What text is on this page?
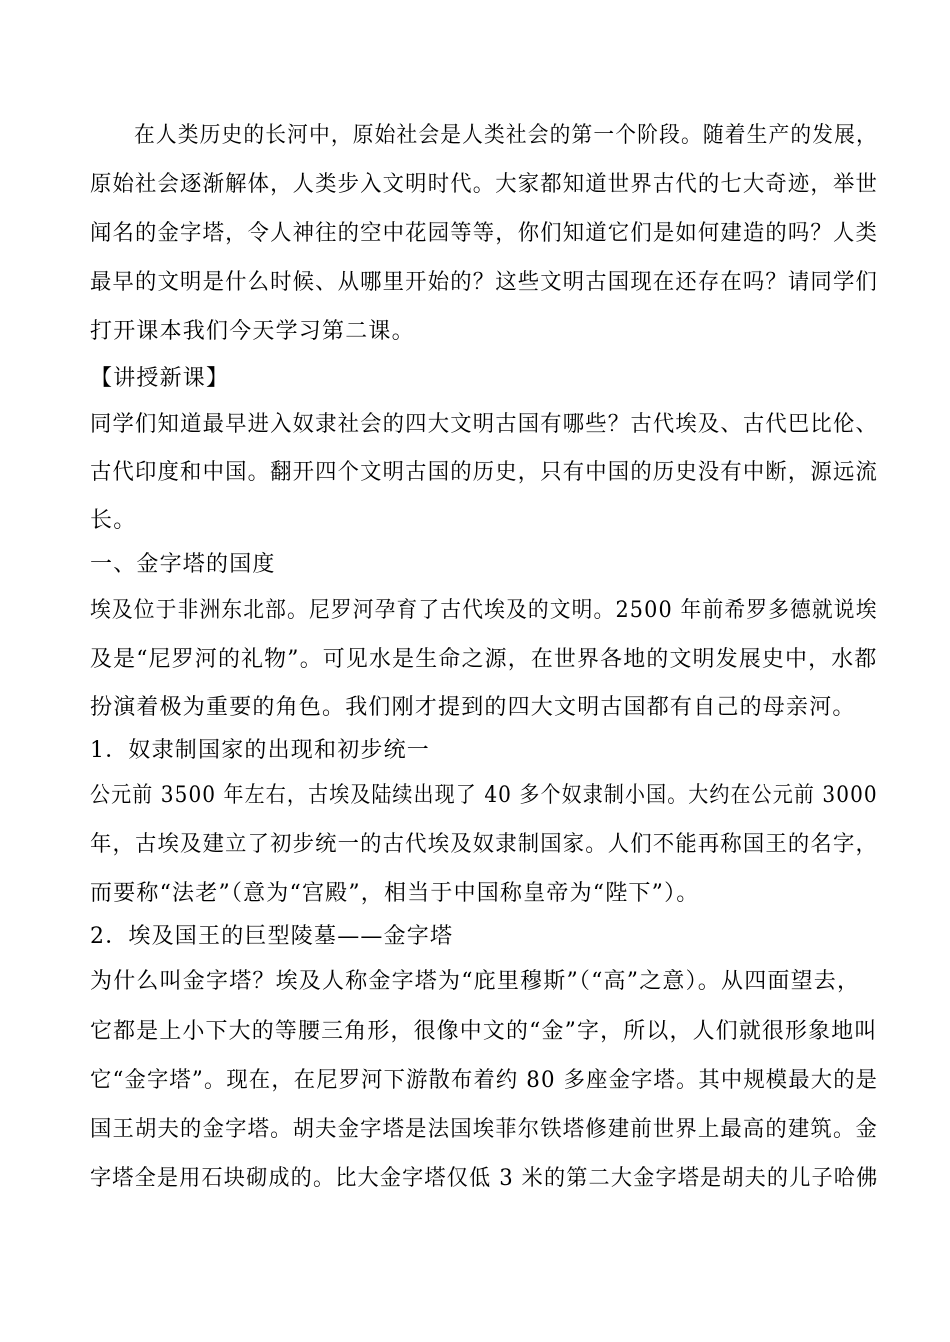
在人类历史的长河中，原始社会是人类社会的第一个阶段。随着生产的发展，
原始社会逐渐解体，人类步入文明时代。大家都知道世界古代的七大奇迹，举世
闻名的金字塔，令人神往的空中花园等等，你们知道它们是如何建造的吗？人类
最早的文明是什么时候、从哪里开始的？这些文明古国现在还存在吗？请同学们
打开课本我们今天学习第二课。
【讲授新课】
同学们知道最早进入奴隶社会的四大文明古国有哪些？古代埃及、古代巴比伦、
古代印度和中国。翻开四个文明古国的历史，只有中国的历史没有中断，源远流
长。
一、金字塔的国度
埃及位于非洲东北部。尼罗河孕育了古代埃及的文明。2500 年前希罗多德就说埃
及是“尼罗河的礼物”。可见水是生命之源，在世界各地的文明发展史中，水都
扮演着极为重要的角色。我们刚才提到的四大文明古国都有自己的母亲河。
1．奴隶制国家的出现和初步统一
公元前 3500 年左右，古埃及陆续出现了 40 多个奴隶制小国。大约在公元前 3000
年，古埃及建立了初步统一的古代埃及奴隶制国家。人们不能再称国王的名字，
而要称“法老”（意为“宫殿”，相当于中国称皇帝为“陛下”）。
2．埃及国王的巨型陵墓——金字塔
为什么叫金字塔？埃及人称金字塔为“庇里穆斯”（“高”之意）。从四面望去，
它都是上小下大的等腰三角形，很像中文的“金”字，所以，人们就很形象地叫
它“金字塔”。现在，在尼罗河下游散布着约 80 多座金字塔。其中规模最大的是
国王胡夫的金字塔。胡夫金字塔是法国埃菲尔铁塔修建前世界上最高的建筑。金
字塔全是用石块砌成的。比大金字塔仅低 3 米的第二大金字塔是胡夫的儿子哈佛
